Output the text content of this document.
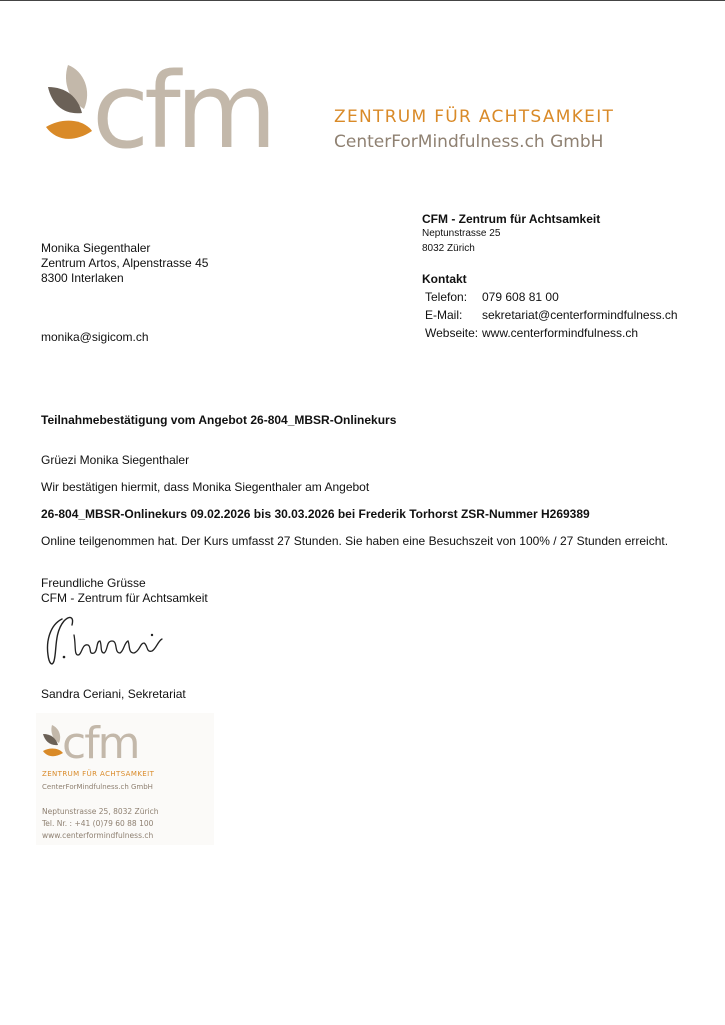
cfm	ZENTRUM FÜR ACHTSAMKEIT
CenterForMindfulness.ch GmbH
Monika Siegenthaler
Zentrum Artos, Alpenstrasse 45
8300 Interlaken
monika@sigicom.ch
CFM - Zentrum für Achtsamkeit
Neptunstrasse 25
8032 Zürich
Kontakt
Telefon:	079 608 81 00
E-Mail:	sekretariat@centerformindfulness.ch
Webseite: www.centerformindfulness.ch
Teilnahmebestätigung vom Angebot 26-804_MBSR-Onlinekurs
Grüezi Monika Siegenthaler
Wir bestätigen hiermit, dass Monika Siegenthaler am Angebot
26-804_MBSR-Onlinekurs 09.02.2026 bis 30.03.2026 bei Frederik Torhorst ZSR-Nummer H269389
Online teilgenommen hat. Der Kurs umfasst 27 Stunden. Sie haben eine Besuchszeit von 100% / 27 Stunden erreicht.
Freundliche Grüsse
CFM - Zentrum für Achtsamkeit
Sandra Ceriani, Sekretariat
cfm
ZENTRUM FÜR ACHTSAMKEIT
CenterForMindfulness.ch GmbH
Neptunstrasse 25, 8032 Zürich
Tel. Nr. : +41 (0)79 60 88 100
www.centerformindfulness.ch
